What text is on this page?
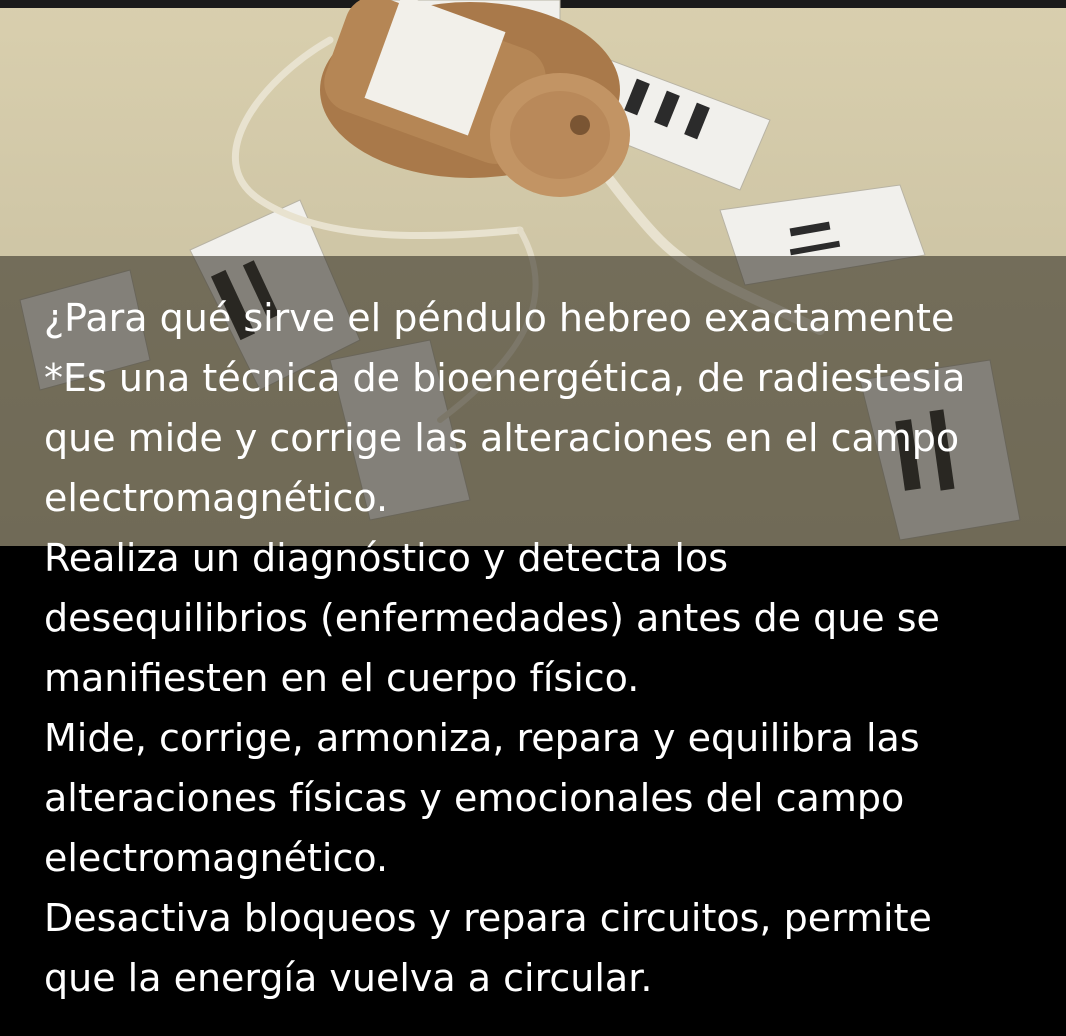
¿Para qué sirve el péndulo hebreo exactamente

*Es una técnica de bioenergética, de radiestesia

que mide y corrige las alteraciones en el campo

electromagnético.

Realiza un diagnóstico y detecta los

desequilibrios (enfermedades) antes de que se

manifiesten en el cuerpo físico.

Mide, corrige, armoniza, repara y equilibra las

alteraciones físicas y emocionales del campo

electromagnético.

Desactiva bloqueos y repara circuitos, permite

que la energía vuelva a circular.
